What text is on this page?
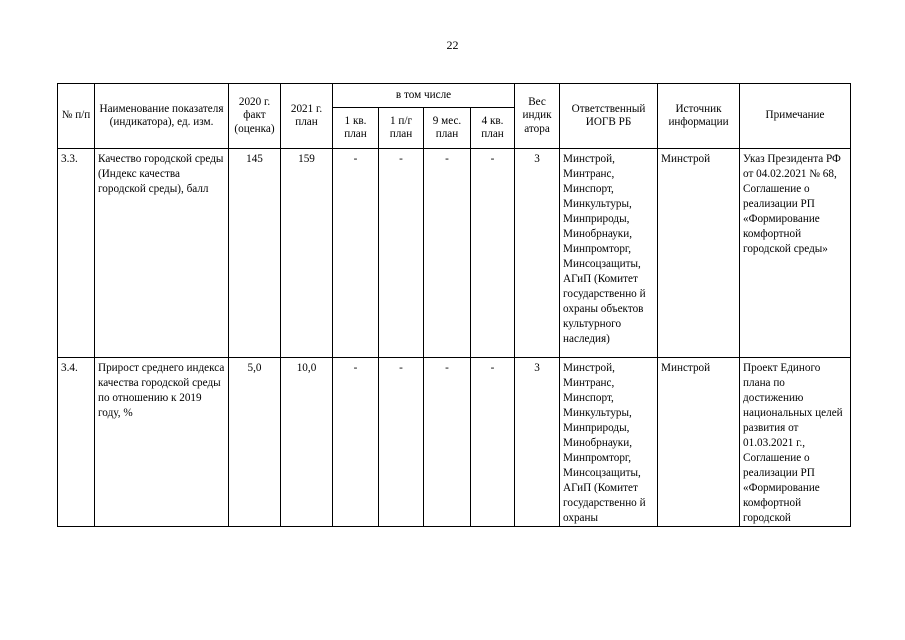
22
№ п/п	Наименование показателя (индикатора), ед. изм.	2020 г. факт (оценка)	2021 г. план	в том числе				Вес индик атора	Ответственный ИОГВ РБ	Источник информации	Примечание
				1 кв. план	1 п/г план	9 мес. план	4 кв. план				
3.3.	Качество городской среды (Индекс качества городской среды), балл	145	159	-	-	-	-	3	Минстрой, Минтранс, Минспорт, Минкультуры, Минприроды, Минобрнауки, Минпромторг, Минсоцзащиты, АГиП (Комитет государственно й охраны объектов культурного наследия)	Минстрой	Указ Президента РФ от 04.02.2021 № 68, Соглашение о реализации РП «Формирование комфортной городской среды»
3.4.	Прирост среднего индекса качества городской среды по отношению к 2019 году, %	5,0	10,0	-	-	-	-	3	Минстрой, Минтранс, Минспорт, Минкультуры, Минприроды, Минобрнауки, Минпромторг, Минсоцзащиты, АГиП (Комитет государственно й охраны	Минстрой	Проект Единого плана по достижению национальных целей развития от 01.03.2021 г., Соглашение о реализации РП «Формирование комфортной городской
